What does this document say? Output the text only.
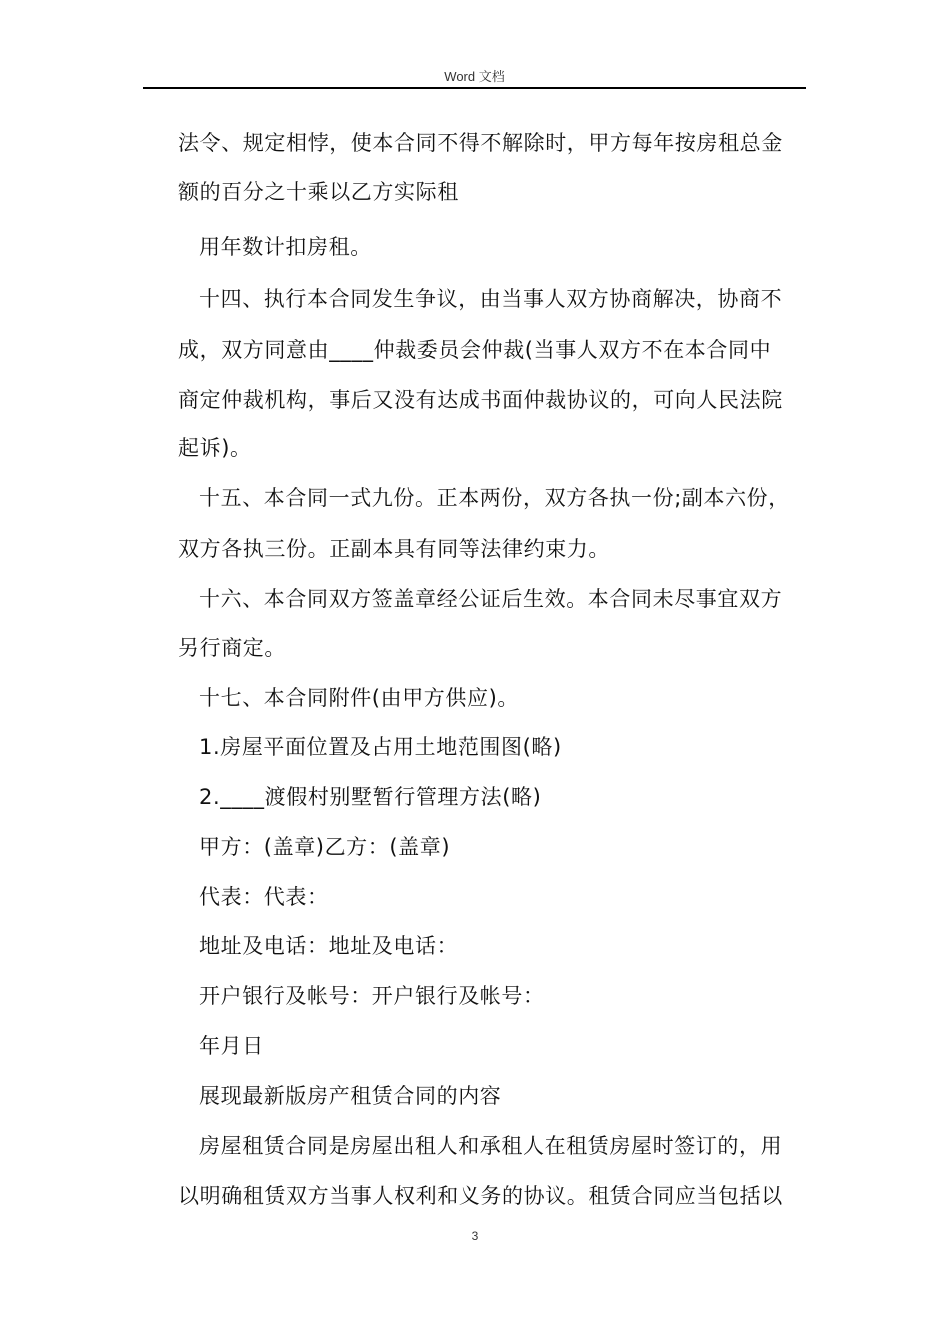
Word 文档
法令、规定相悖，使本合同不得不解除时，甲方每年按房租总金
额的百分之十乘以乙方实际租
用年数计扣房租。
十四、执行本合同发生争议，由当事人双方协商解决，协商不
成，双方同意由____仲裁委员会仲裁(当事人双方不在本合同中
商定仲裁机构，事后又没有达成书面仲裁协议的，可向人民法院
起诉)。
十五、本合同一式九份。正本两份，双方各执一份;副本六份，
双方各执三份。正副本具有同等法律约束力。
十六、本合同双方签盖章经公证后生效。本合同未尽事宜双方
另行商定。
十七、本合同附件(由甲方供应)。
1.房屋平面位置及占用土地范围图(略)
2.____渡假村别墅暂行管理方法(略)
甲方：(盖章)乙方：(盖章)
代表：代表：
地址及电话：地址及电话：
开户银行及帐号：开户银行及帐号：
年月日
展现最新版房产租赁合同的内容
房屋租赁合同是房屋出租人和承租人在租赁房屋时签订的，用
以明确租赁双方当事人权利和义务的协议。租赁合同应当包括以
3
